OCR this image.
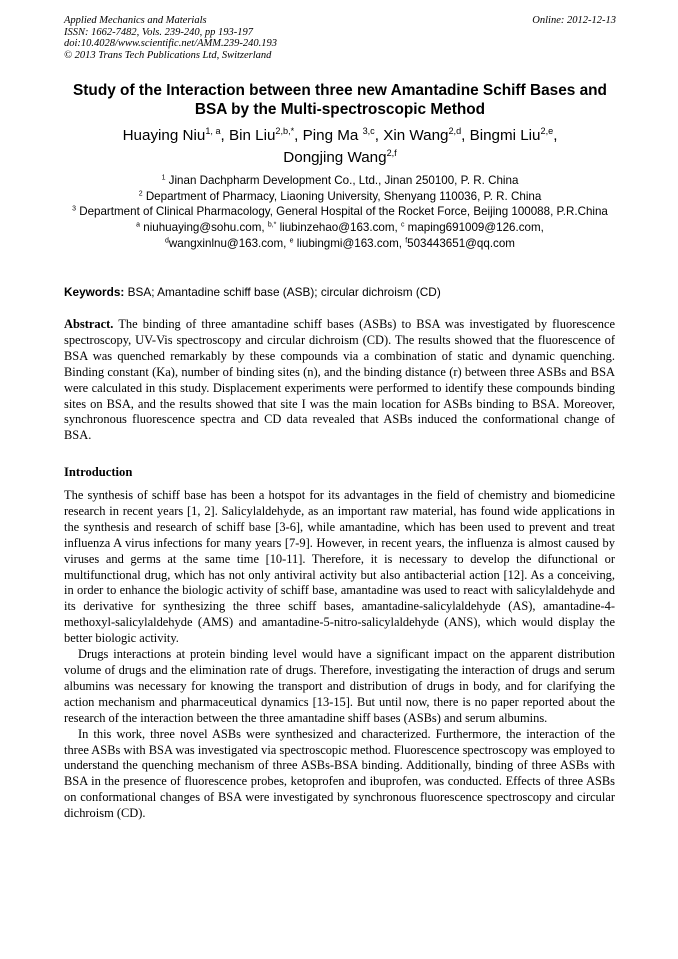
Applied Mechanics and Materials
ISSN: 1662-7482, Vols. 239-240, pp 193-197
doi:10.4028/www.scientific.net/AMM.239-240.193
© 2013 Trans Tech Publications Ltd, Switzerland
Online: 2012-12-13
Study of the Interaction between three new Amantadine Schiff Bases and BSA by the Multi-spectroscopic Method
Huaying Niu$^{1, a}$, Bin Liu$^{2,b,*}$, Ping Ma $^{3,c}$, Xin Wang$^{2,d}$, Bingmi Liu$^{2,e}$,
Dongjing Wang$^{2,f}$
$^1$ Jinan Dachpharm Development Co., Ltd., Jinan 250100, P. R. China
$^2$ Department of Pharmacy, Liaoning University, Shenyang 110036, P. R. China
$^3$ Department of Clinical Pharmacology, General Hospital of the Rocket Force, Beijing 100088, P.R.China
$^a$ niuhuaying@sohu.com, $^{b,*}$ liubinzehao@163.com, $^c$ maping691009@126.com,
$^d$wangxinlnu@163.com, $^e$ liubingmi@163.com, $^f$503443651@qq.com
Keywords: BSA; Amantadine schiff base (ASB); circular dichroism (CD)
Abstract. The binding of three amantadine schiff bases (ASBs) to BSA was investigated by fluorescence spectroscopy, UV-Vis spectroscopy and circular dichroism (CD). The results showed that the fluorescence of BSA was quenched remarkably by these compounds via a combination of static and dynamic quenching. Binding constant (Ka), number of binding sites (n), and the binding distance (r) between three ASBs and BSA were calculated in this study. Displacement experiments were performed to identify these compounds binding sites on BSA, and the results showed that site I was the main location for ASBs binding to BSA. Moreover, synchronous fluorescence spectra and CD data revealed that ASBs induced the conformational change of BSA.
Introduction

The synthesis of schiff base has been a hotspot for its advantages in the field of chemistry and biomedicine research in recent years [1, 2]. Salicylaldehyde, as an important raw material, has found wide applications in the synthesis and research of schiff base [3-6], while amantadine, which has been used to prevent and treat influenza A virus infections for many years [7-9]. However, in recent years, the influenza is almost caused by viruses and germs at the same time [10-11]. Therefore, it is necessary to develop the difunctional or multifunctional drug, which has not only antiviral activity but also antibacterial action [12]. As a conceiving, in order to enhance the biologic activity of schiff base, amantadine was used to react with salicylaldehyde and its derivative for synthesizing the three schiff bases, amantadine-salicylaldehyde (AS), amantadine-4-methoxyl-salicylaldehyde (AMS) and amantadine-5-nitro-salicylaldehyde (ANS), which would display the better biologic activity.

Drugs interactions at protein binding level would have a significant impact on the apparent distribution volume of drugs and the elimination rate of drugs. Therefore, investigating the interaction of drugs and serum albumins was necessary for knowing the transport and distribution of drugs in body, and for clarifying the action mechanism and pharmaceutical dynamics [13-15]. But until now, there is no paper reported about the research of the interaction between the three amantadine shiff bases (ASBs) and serum albumins.

In this work, three novel ASBs were synthesized and characterized. Furthermore, the interaction of the three ASBs with BSA was investigated via spectroscopic method. Fluorescence spectroscopy was employed to understand the quenching mechanism of three ASBs-BSA binding. Additionally, binding of three ASBs with BSA in the presence of fluorescence probes, ketoprofen and ibuprofen, was conducted. Effects of three ASBs on conformational changes of BSA were investigated by synchronous fluorescence spectroscopy and circular dichroism (CD).
